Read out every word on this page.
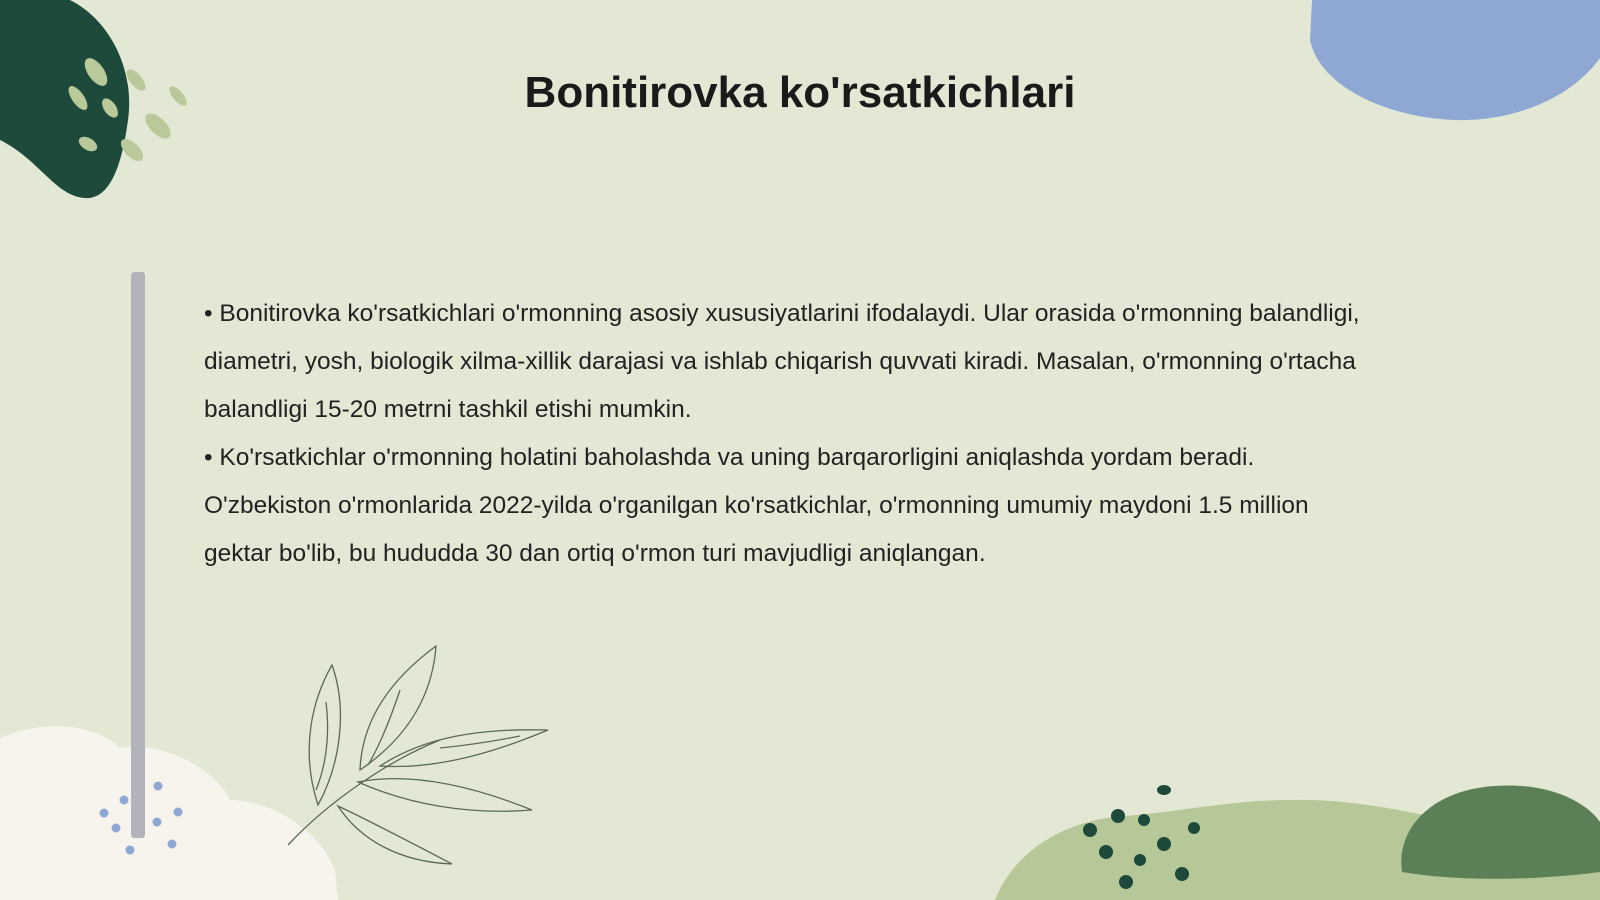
Bonitirovka ko'rsatkichlari

• Bonitirovka ko'rsatkichlari o'rmonning asosiy xususiyatlarini ifodalaydi. Ular orasida o'rmonning balandligi, diametri, yosh, biologik xilma-xillik darajasi va ishlab chiqarish quvvati kiradi. Masalan, o'rmonning o'rtacha balandligi 15-20 metrni tashkil etishi mumkin.

• Ko'rsatkichlar o'rmonning holatini baholashda va uning barqarorligini aniqlashda yordam beradi. O'zbekiston o'rmonlarida 2022-yilda o'rganilgan ko'rsatkichlar, o'rmonning umumiy maydoni 1.5 million gektar bo'lib, bu hududda 30 dan ortiq o'rmon turi mavjudligi aniqlangan.
